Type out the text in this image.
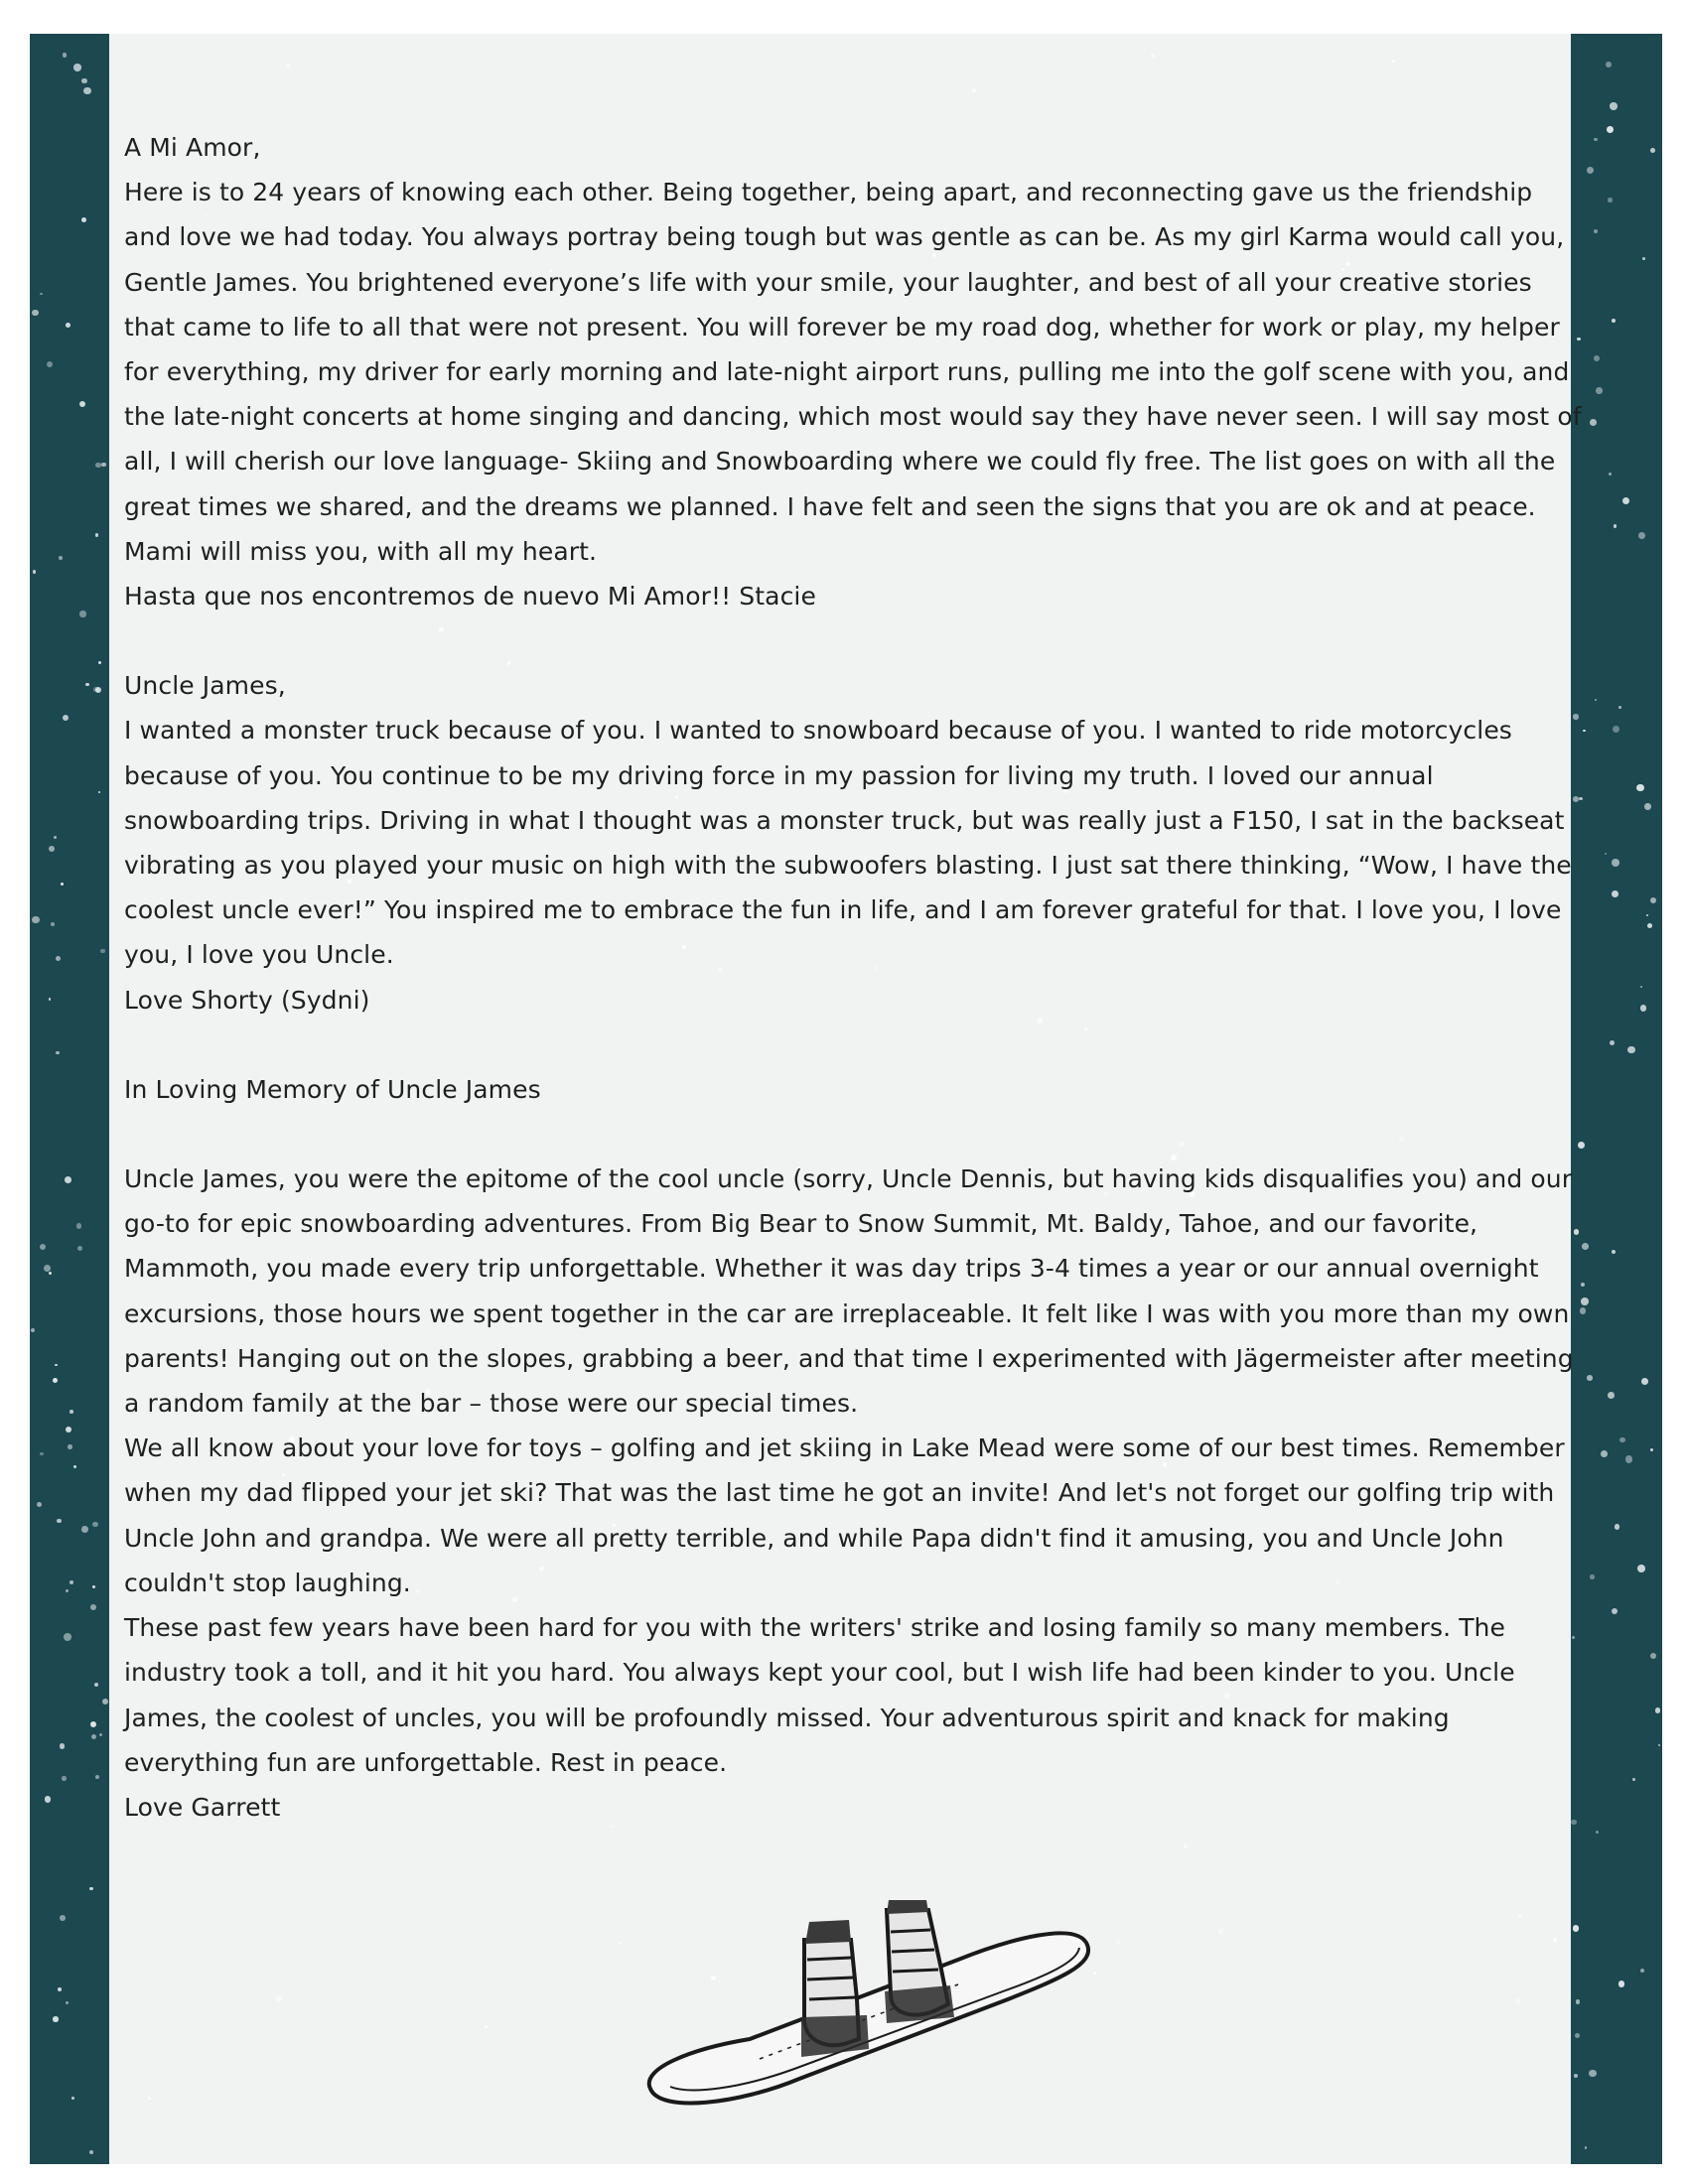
A Mi Amor,

Here is to 24 years of knowing each other. Being together, being apart, and reconnecting gave us the friendship and love we had today. You always portray being tough but was gentle as can be. As my girl Karma would call you, Gentle James. You brightened everyone’s life with your smile, your laughter, and best of all your creative stories that came to life to all that were not present. You will forever be my road dog, whether for work or play, my helper for everything, my driver for early morning and late-night airport runs, pulling me into the golf scene with you, and the late-night concerts at home singing and dancing, which most would say they have never seen. I will say most of all, I will cherish our love language- Skiing and Snowboarding where we could fly free. The list goes on with all the great times we shared, and the dreams we planned. I have felt and seen the signs that you are ok and at peace. Mami will miss you, with all my heart.

Hasta que nos encontremos de nuevo Mi Amor!! Stacie

Uncle James,

I wanted a monster truck because of you. I wanted to snowboard because of you. I wanted to ride motorcycles because of you. You continue to be my driving force in my passion for living my truth. I loved our annual snowboarding trips. Driving in what I thought was a monster truck, but was really just a F150, I sat in the backseat vibrating as you played your music on high with the subwoofers blasting. I just sat there thinking, “Wow, I have the coolest uncle ever!” You inspired me to embrace the fun in life, and I am forever grateful for that. I love you, I love you, I love you Uncle.

Love Shorty (Sydni)

In Loving Memory of Uncle James

Uncle James, you were the epitome of the cool uncle (sorry, Uncle Dennis, but having kids disqualifies you) and our go-to for epic snowboarding adventures. From Big Bear to Snow Summit, Mt. Baldy, Tahoe, and our favorite, Mammoth, you made every trip unforgettable. Whether it was day trips 3-4 times a year or our annual overnight excursions, those hours we spent together in the car are irreplaceable. It felt like I was with you more than my own parents! Hanging out on the slopes, grabbing a beer, and that time I experimented with Jägermeister after meeting a random family at the bar – those were our special times.

We all know about your love for toys – golfing and jet skiing in Lake Mead were some of our best times. Remember when my dad flipped your jet ski? That was the last time he got an invite! And let's not forget our golfing trip with Uncle John and grandpa. We were all pretty terrible, and while Papa didn't find it amusing, you and Uncle John couldn't stop laughing.

These past few years have been hard for you with the writers' strike and losing family so many members. The industry took a toll, and it hit you hard. You always kept your cool, but I wish life had been kinder to you. Uncle James, the coolest of uncles, you will be profoundly missed. Your adventurous spirit and knack for making everything fun are unforgettable. Rest in peace.

Love Garrett
